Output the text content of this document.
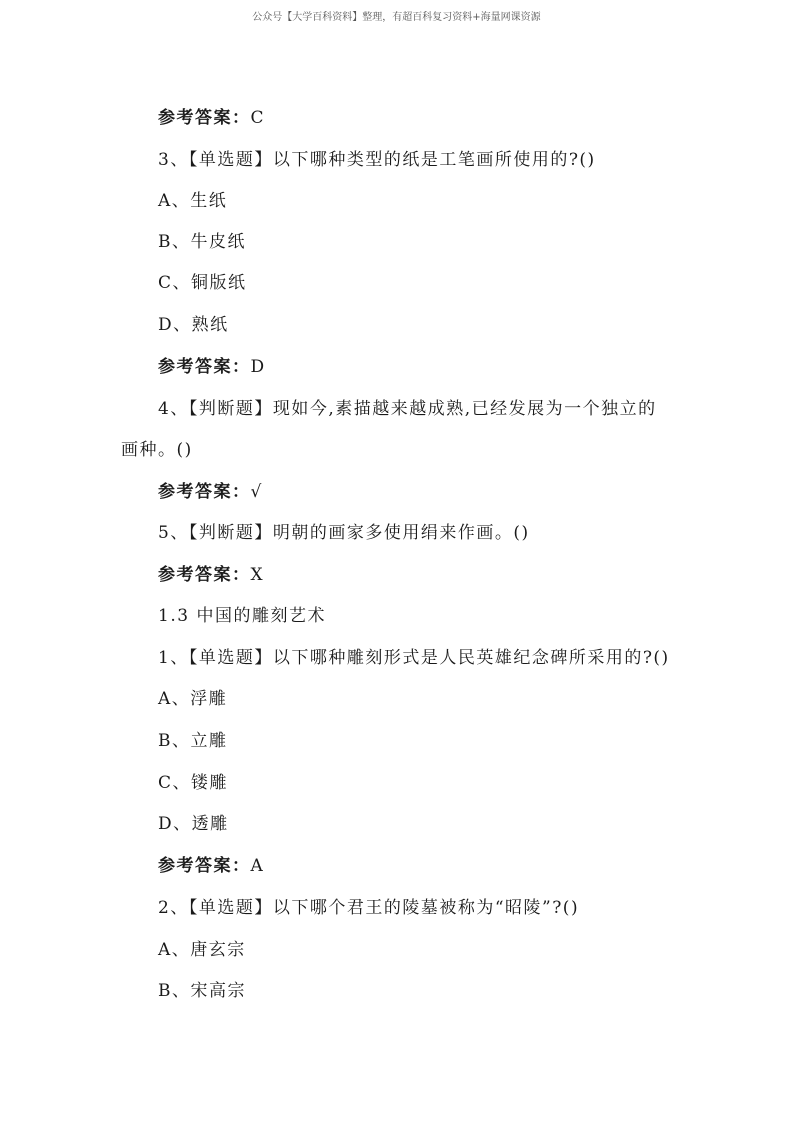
公众号【大学百科资料】整理，有超百科复习资料+海量网课资源
参考答案：C
3、【单选题】以下哪种类型的纸是工笔画所使用的?()
A、生纸
B、牛皮纸
C、铜版纸
D、熟纸
参考答案：D
4、【判断题】现如今,素描越来越成熟,已经发展为一个独立的
画种。()
参考答案：√
5、【判断题】明朝的画家多使用绢来作画。()
参考答案：X
1.3 中国的雕刻艺术
1、【单选题】以下哪种雕刻形式是人民英雄纪念碑所采用的?()
A、浮雕
B、立雕
C、镂雕
D、透雕
参考答案：A
2、【单选题】以下哪个君王的陵墓被称为“昭陵”?()
A、唐玄宗
B、宋高宗
